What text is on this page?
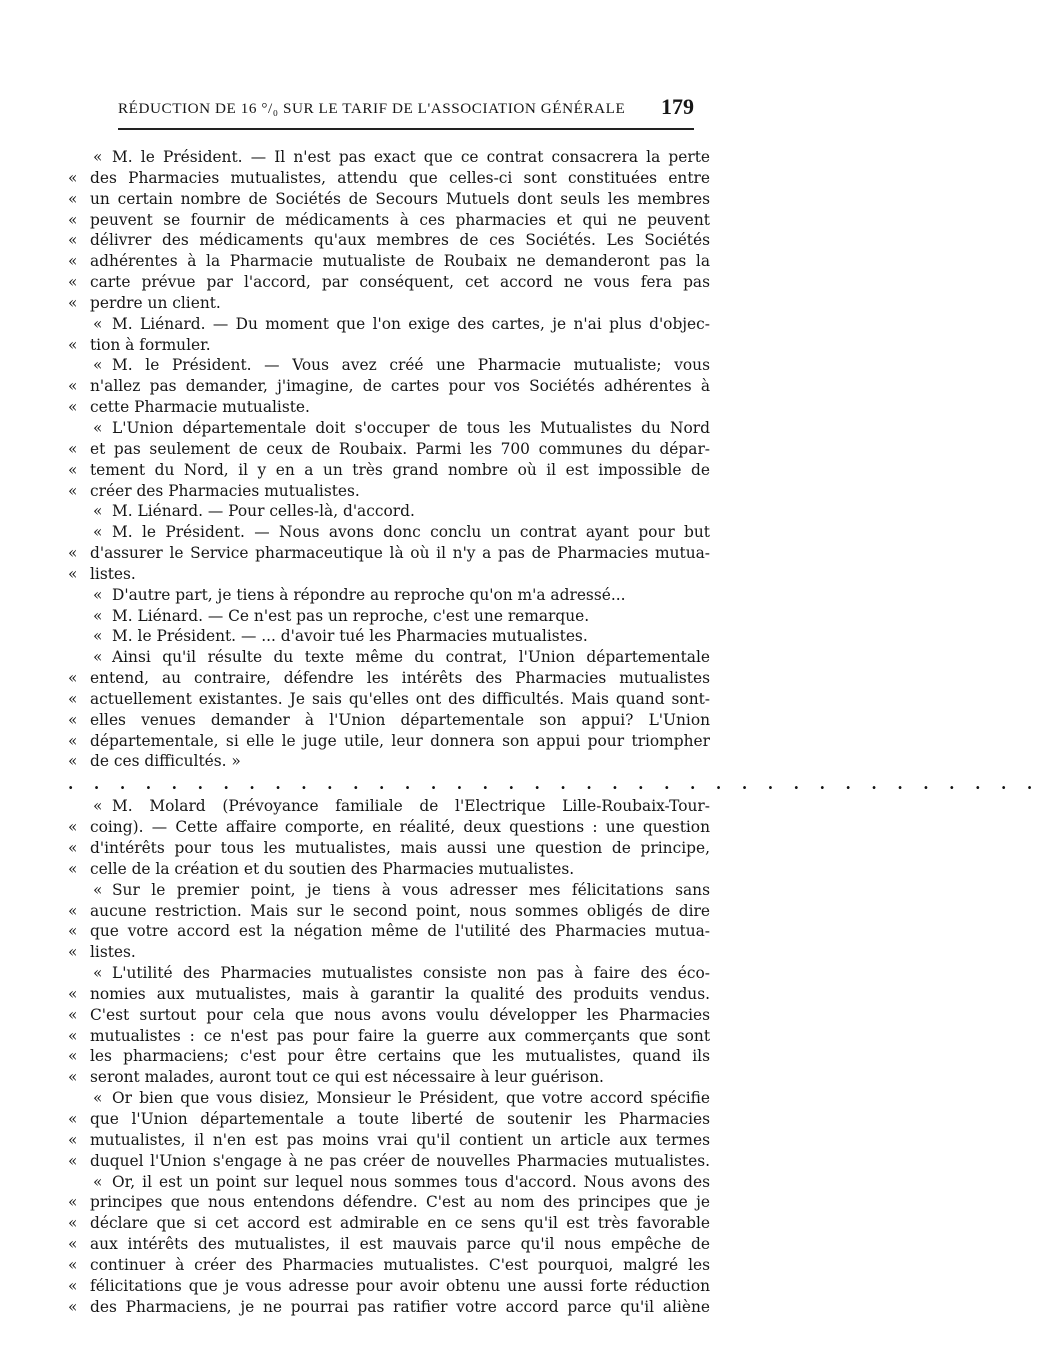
RÉDUCTION DE 16 °/₀ SUR LE TARIF DE L'ASSOCIATION GÉNÉRALE 179
« M. le Président. — Il n'est pas exact que ce contrat consacrera la perte
« des Pharmacies mutualistes, attendu que celles-ci sont constituées entre
« un certain nombre de Sociétés de Secours Mutuels dont seuls les membres
« peuvent se fournir de médicaments à ces pharmacies et qui ne peuvent
« délivrer des médicaments qu'aux membres de ces Sociétés. Les Sociétés
« adhérentes à la Pharmacie mutualiste de Roubaix ne demanderont pas la
« carte prévue par l'accord, par conséquent, cet accord ne vous fera pas
« perdre un client.
« M. Liénard. — Du moment que l'on exige des cartes, je n'ai plus d'objec-
« tion à formuler.
« M. le Président. — Vous avez créé une Pharmacie mutualiste; vous
« n'allez pas demander, j'imagine, de cartes pour vos Sociétés adhérentes à
« cette Pharmacie mutualiste.
« L'Union départementale doit s'occuper de tous les Mutualistes du Nord
« et pas seulement de ceux de Roubaix. Parmi les 700 communes du dépar-
« tement du Nord, il y en a un très grand nombre où il est impossible de
« créer des Pharmacies mutualistes.
« M. Liénard. — Pour celles-là, d'accord.
« M. le Président. — Nous avons donc conclu un contrat ayant pour but
« d'assurer le Service pharmaceutique là où il n'y a pas de Pharmacies mutua-
« listes.
« D'autre part, je tiens à répondre au reproche qu'on m'a adressé...
« M. Liénard. — Ce n'est pas un reproche, c'est une remarque.
« M. le Président. — ... d'avoir tué les Pharmacies mutualistes.
« Ainsi qu'il résulte du texte même du contrat, l'Union départementale
« entend, au contraire, défendre les intérêts des Pharmacies mutualistes
« actuellement existantes. Je sais qu'elles ont des difficultés. Mais quand sont-
« elles venues demander à l'Union départementale son appui? L'Union
« départementale, si elle le juge utile, leur donnera son appui pour triompher
« de ces difficultés. »
. . . . . . . . . . . . . . . . . . . . . . . . . . . . . . . . . . . . . .
« M. Molard (Prévoyance familiale de l'Electrique Lille-Roubaix-Tour-
« coing). — Cette affaire comporte, en réalité, deux questions : une question
« d'intérêts pour tous les mutualistes, mais aussi une question de principe,
« celle de la création et du soutien des Pharmacies mutualistes.
« Sur le premier point, je tiens à vous adresser mes félicitations sans
« aucune restriction. Mais sur le second point, nous sommes obligés de dire
« que votre accord est la négation même de l'utilité des Pharmacies mutua-
« listes.
« L'utilité des Pharmacies mutualistes consiste non pas à faire des éco-
« nomies aux mutualistes, mais à garantir la qualité des produits vendus.
« C'est surtout pour cela que nous avons voulu développer les Pharmacies
« mutualistes : ce n'est pas pour faire la guerre aux commerçants que sont
« les pharmaciens; c'est pour être certains que les mutualistes, quand ils
« seront malades, auront tout ce qui est nécessaire à leur guérison.
« Or bien que vous disiez, Monsieur le Président, que votre accord spécifie
« que l'Union départementale a toute liberté de soutenir les Pharmacies
« mutualistes, il n'en est pas moins vrai qu'il contient un article aux termes
« duquel l'Union s'engage à ne pas créer de nouvelles Pharmacies mutualistes.
« Or, il est un point sur lequel nous sommes tous d'accord. Nous avons des
« principes que nous entendons défendre. C'est au nom des principes que je
« déclare que si cet accord est admirable en ce sens qu'il est très favorable
« aux intérêts des mutualistes, il est mauvais parce qu'il nous empêche de
« continuer à créer des Pharmacies mutualistes. C'est pourquoi, malgré les
« félicitations que je vous adresse pour avoir obtenu une aussi forte réduction
« des Pharmaciens, je ne pourrai pas ratifier votre accord parce qu'il aliène
